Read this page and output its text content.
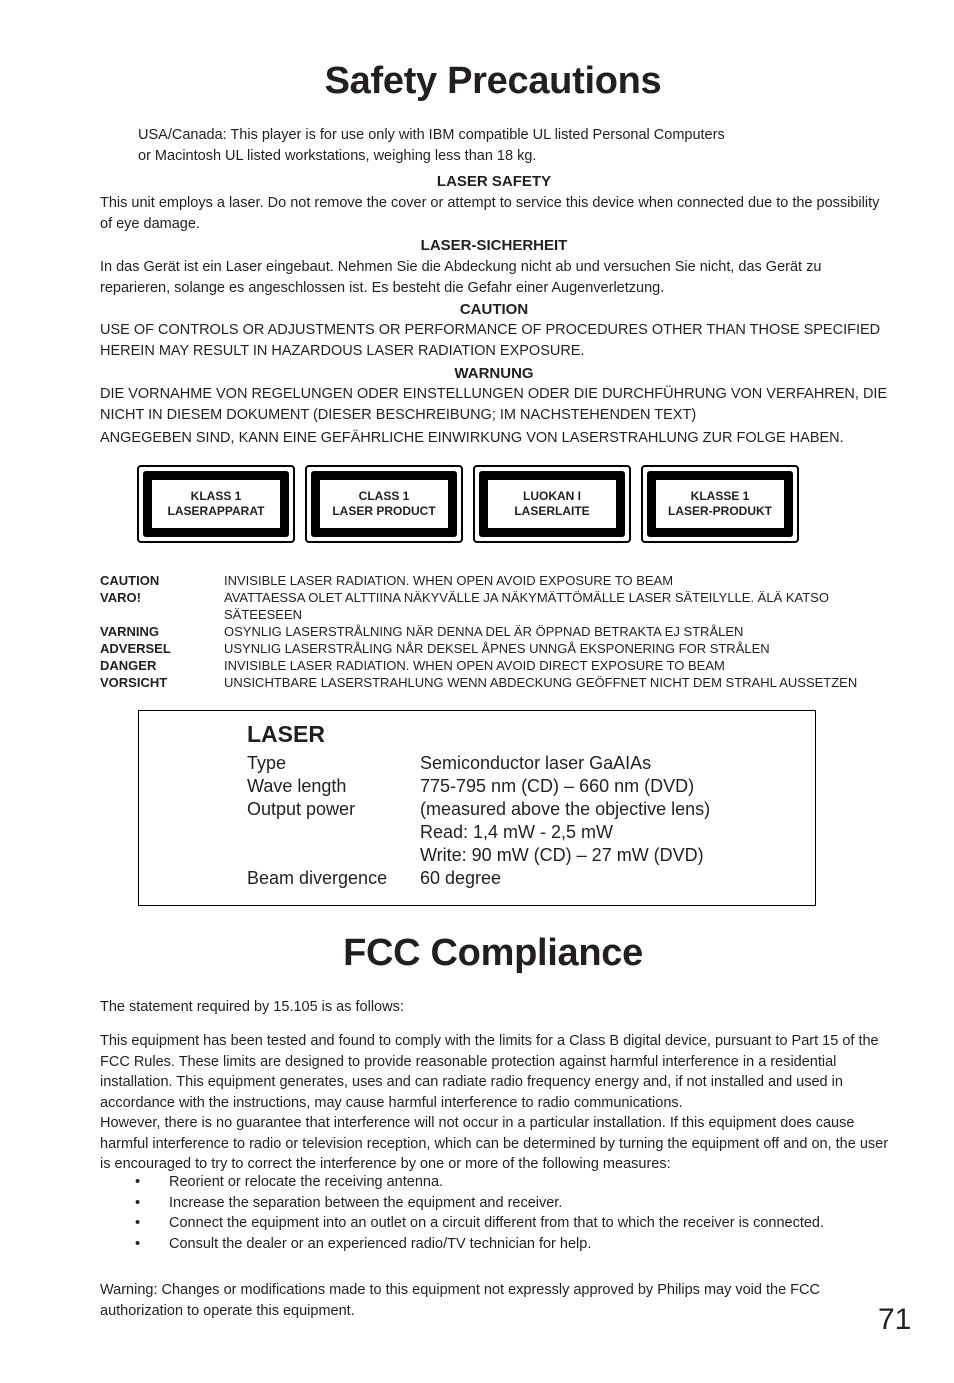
Safety Precautions

USA/Canada: This player is for use only with IBM compatible UL listed Personal Computers
or Macintosh UL listed workstations, weighing less than 18 kg.

LASER SAFETY

This unit employs a laser. Do not remove the cover or attempt to service this device when connected due to the possibility of eye damage.

LASER-SICHERHEIT

In das Gerät ist ein Laser eingebaut. Nehmen Sie die Abdeckung nicht ab und versuchen Sie nicht, das Gerät zu reparieren, solange es angeschlossen ist. Es besteht die Gefahr einer Augenverletzung.

CAUTION

USE OF CONTROLS OR ADJUSTMENTS OR PERFORMANCE OF PROCEDURES OTHER THAN THOSE SPECIFIED HEREIN MAY RESULT IN HAZARDOUS LASER RADIATION EXPOSURE.

WARNUNG

DIE VORNAHME VON REGELUNGEN ODER EINSTELLUNGEN ODER DIE DURCHFÜHRUNG VON VERFAHREN, DIE NICHT IN DIESEM DOKUMENT (DIESER BESCHREIBUNG; IM NACHSTEHENDEN TEXT)

ANGEGEBEN SIND, KANN EINE GEFÄHRLICHE EINWIRKUNG VON LASERSTRAHLUNG ZUR FOLGE HABEN.

KLASS 1
LASERAPPARAT
CLASS 1
LASER PRODUCT
LUOKAN I
LASERLAITE
KLASSE 1
LASER-PRODUKT
CAUTION	INVISIBLE LASER RADIATION. WHEN OPEN AVOID EXPOSURE TO BEAM
VARO!	AVATTAESSA OLET ALTTIINA NÄKYVÄLLE JA NÄKYMÄTTÖMÄLLE LASER SÄTEILYLLE. ÄLÄ KATSO SÄTEESEEN
VARNING	OSYNLIG LASERSTRÅLNING NÄR DENNA DEL ÄR ÖPPNAD BETRAKTA EJ STRÅLEN
ADVERSEL	USYNLIG LASERSTRÅLING NÅR DEKSEL ÅPNES UNNGÅ EKSPONERING FOR STRÅLEN
DANGER	INVISIBLE LASER RADIATION. WHEN OPEN AVOID DIRECT EXPOSURE TO BEAM
VORSICHT	UNSICHTBARE LASERSTRAHLUNG WENN ABDECKUNG GEÖFFNET NICHT DEM STRAHL AUSSETZEN
LASER
Type	Semiconductor laser GaAIAs
Wave length	775-795 nm (CD) – 660 nm (DVD)
Output power	(measured above the objective lens)
Read: 1,4 mW - 2,5 mW
Write: 90 mW (CD) – 27 mW (DVD)
Beam divergence	60 degree
FCC Compliance

The statement required by 15.105 is as follows:

This equipment has been tested and found to comply with the limits for a Class B digital device, pursuant to Part 15 of the FCC Rules. These limits are designed to provide reasonable protection against harmful interference in a residential installation. This equipment generates, uses and can radiate radio frequency energy and, if not installed and used in accordance with the instructions, may cause harmful interference to radio communications.

However, there is no guarantee that interference will not occur in a particular installation. If this equipment does cause harmful interference to radio or television reception, which can be determined by turning the equipment off and on, the user is encouraged to try to correct the interference by one or more of the following measures:

•	Reorient or relocate the receiving antenna.
•	Increase the separation between the equipment and receiver.
•	Connect the equipment into an outlet on a circuit different from that to which the receiver is connected.
•	Consult the dealer or an experienced radio/TV technician for help.

Warning: Changes or modifications made to this equipment not expressly approved by Philips may void the FCC authorization to operate this equipment.	71
